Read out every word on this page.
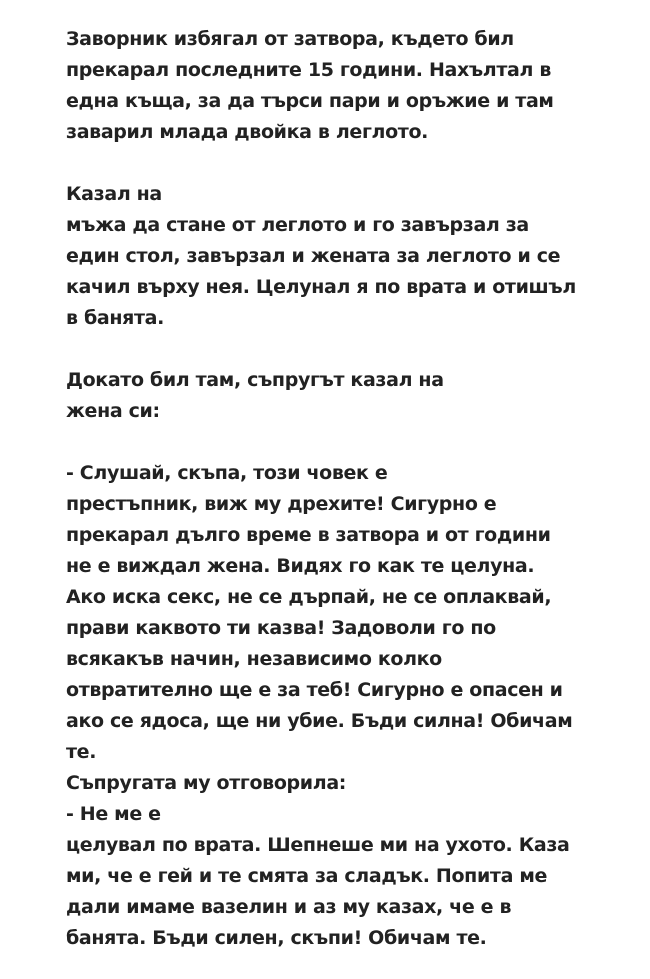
Заворник избягал от затвора, където бил

прекарал последните 15 години. Нахълтал в

една къща, за да търси пари и оръжие и там

заварил млада двойка в леглото.

Казал на

мъжа да стане от леглото и го завързал за

един стол, завързал и жената за леглото и се

качил върху нея. Целунал я по врата и отишъл

в банята.

Докато бил там, съпругът казал на

жена си:

- Слушай, скъпа, този човек е

престъпник, виж му дрехите! Сигурно е

прекарал дълго време в затвора и от години

не е виждал жена. Видях го как те целуна.

Ако иска секс, не се дърпай, не се оплаквай,

прави каквото ти казва! Задоволи го по

всякакъв начин, независимо колко

отвратително ще е за теб! Сигурно е опасен и

ако се ядоса, ще ни убие. Бъди силна! Обичам

те.

Съпругата му отговорила:

- Не ме е

целувал по врата. Шепнеше ми на ухото. Каза

ми, че е гей и те смята за сладък. Попита ме

дали имаме вазелин и аз му казах, че е в

банята. Бъди силен, скъпи! Обичам те.
